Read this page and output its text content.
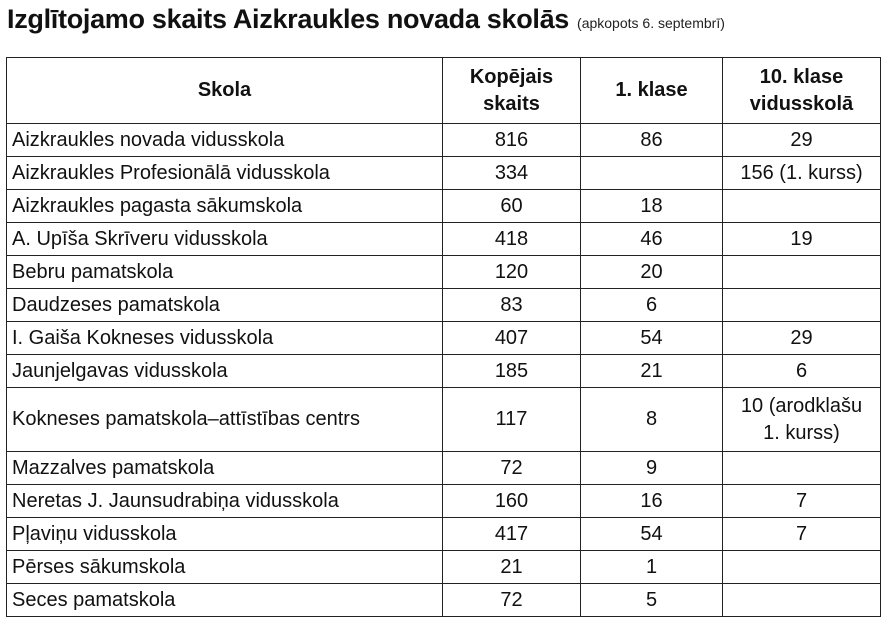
Izglītojamo skaits Aizkraukles novada skolās (apkopots 6. septembrī)
Skola	Kopējais skaits	1. klase	10. klase vidusskolā
Aizkraukles novada vidusskola	816	86	29
Aizkraukles Profesionālā vidusskola	334		156 (1. kurss)
Aizkraukles pagasta sākumskola	60	18	
A. Upīša Skrīveru vidusskola	418	46	19
Bebru pamatskola	120	20	
Daudzeses pamatskola	83	6	
I. Gaiša Kokneses vidusskola	407	54	29
Jaunjelgavas vidusskola	185	21	6
Kokneses pamatskola–attīstības centrs	117	8	10 (arodklašu
1. kurss)
Mazzalves pamatskola	72	9	
Neretas J. Jaunsudrabiņa vidusskola	160	16	7
Pļaviņu vidusskola	417	54	7
Pērses sākumskola	21	1	
Seces pamatskola	72	5	
